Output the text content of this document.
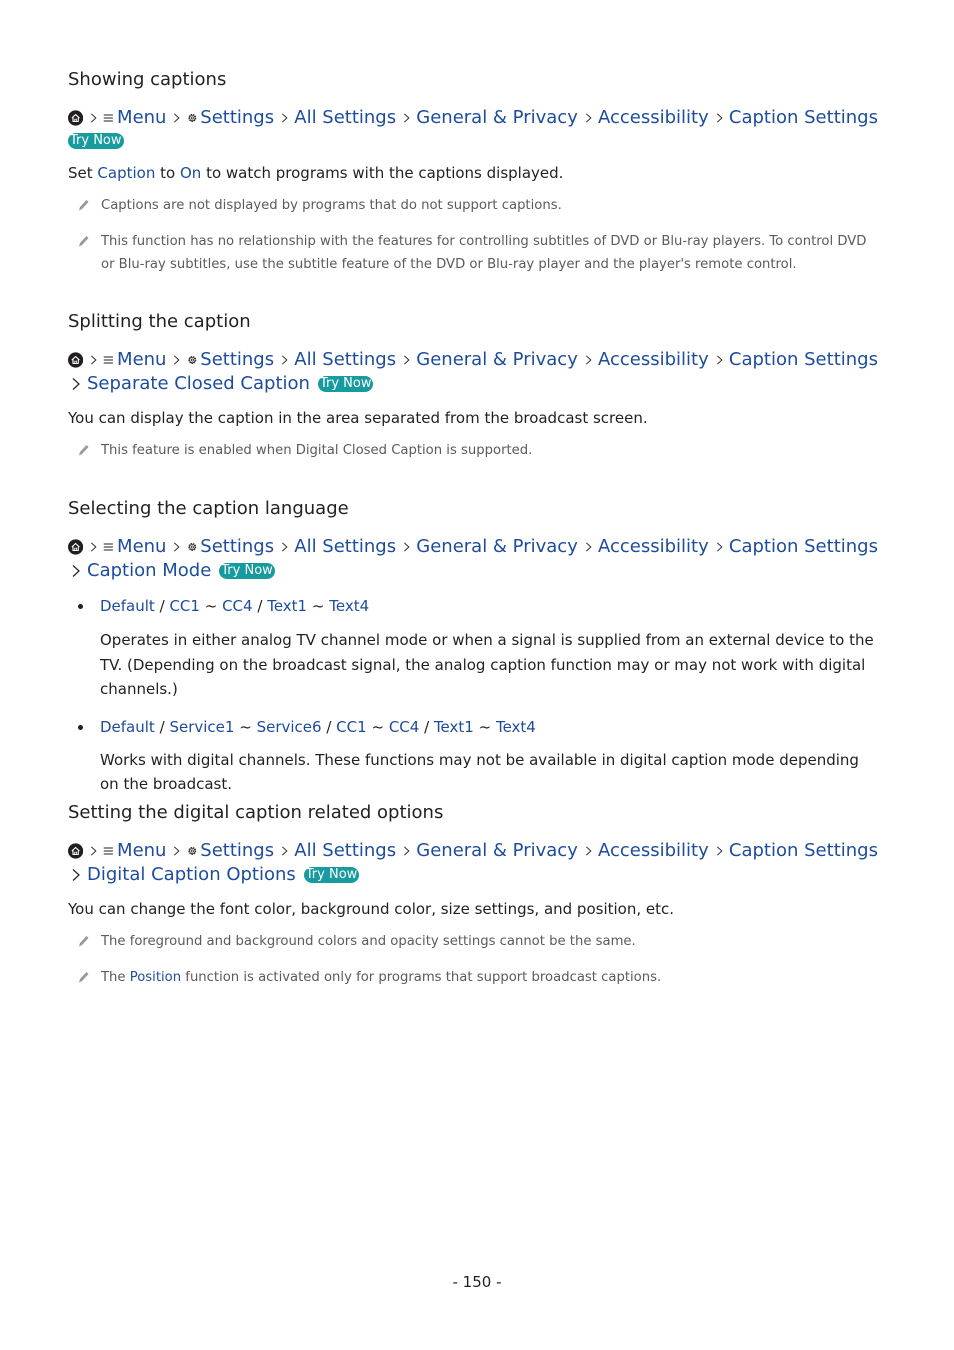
Showing captions
Menu Settings All Settings General & Privacy Accessibility Caption Settings
Try Now
Set Caption to On to watch programs with the captions displayed.
Captions are not displayed by programs that do not support captions.
This function has no relationship with the features for controlling subtitles of DVD or Blu-ray players. To control DVD or Blu-ray subtitles, use the subtitle feature of the DVD or Blu-ray player and the player's remote control.
Splitting the caption
Menu Settings All Settings General & Privacy Accessibility Caption Settings
Separate Closed Caption Try Now
You can display the caption in the area separated from the broadcast screen.
This feature is enabled when Digital Closed Caption is supported.
Selecting the caption language
Menu Settings All Settings General & Privacy Accessibility Caption Settings
Caption Mode Try Now
Default / CC1 ~ CC4 / Text1 ~ Text4
Operates in either analog TV channel mode or when a signal is supplied from an external device to the TV. (Depending on the broadcast signal, the analog caption function may or may not work with digital channels.)
Default / Service1 ~ Service6 / CC1 ~ CC4 / Text1 ~ Text4
Works with digital channels. These functions may not be available in digital caption mode depending on the broadcast.
Setting the digital caption related options
Menu Settings All Settings General & Privacy Accessibility Caption Settings
Digital Caption Options Try Now
You can change the font color, background color, size settings, and position, etc.
The foreground and background colors and opacity settings cannot be the same.
The Position function is activated only for programs that support broadcast captions.
- 150 -
